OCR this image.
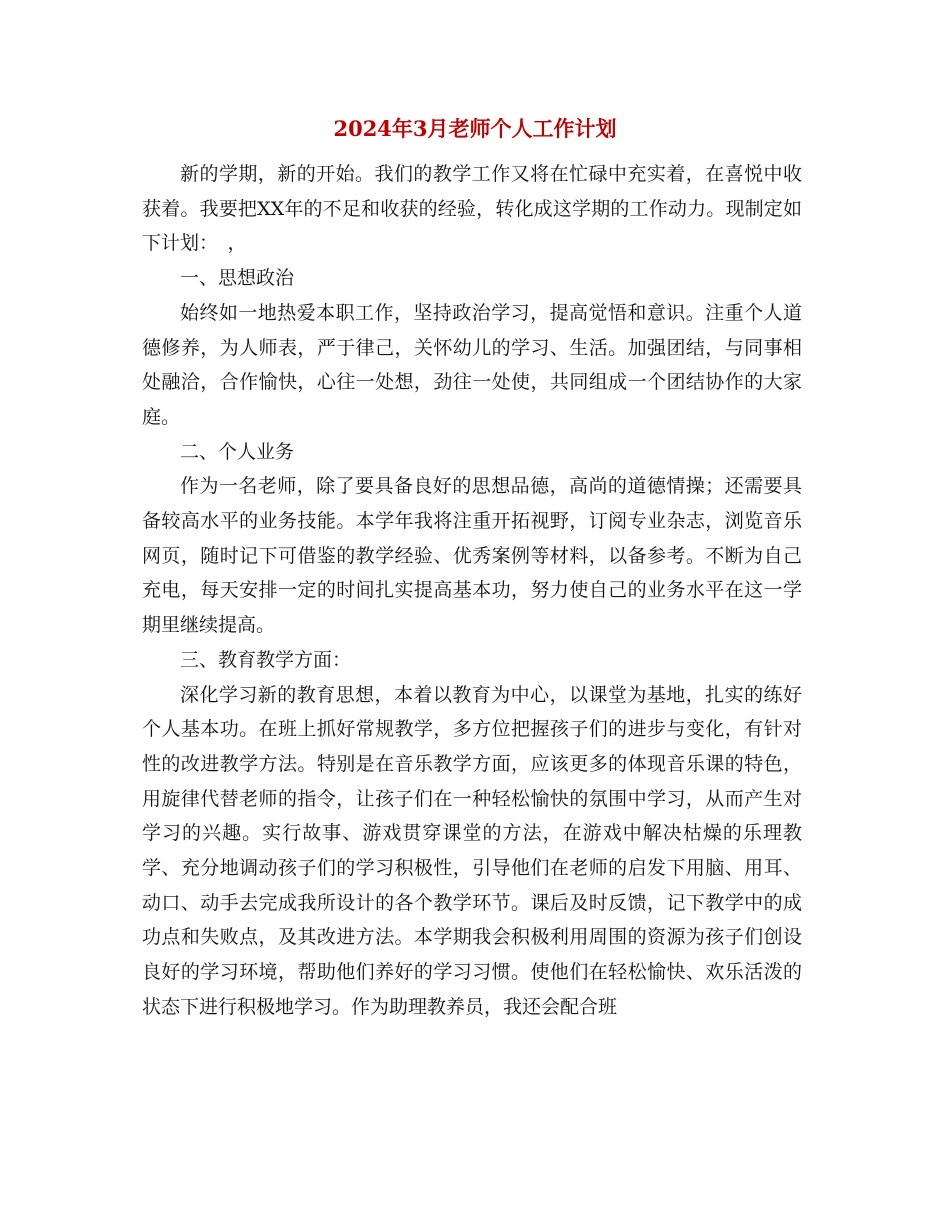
2024年3月老师个人工作计划

新的学期，新的开始。我们的教学工作又将在忙碌中充实着，在喜悦中收获着。我要把XX年的不足和收获的经验，转化成这学期的工作动力。现制定如下计划：　，

一、思想政治

始终如一地热爱本职工作，坚持政治学习，提高觉悟和意识。注重个人道德修养，为人师表，严于律己，关怀幼儿的学习、生活。加强团结，与同事相处融洽，合作愉快，心往一处想，劲往一处使，共同组成一个团结协作的大家庭。

二、个人业务

作为一名老师，除了要具备良好的思想品德，高尚的道德情操；还需要具备较高水平的业务技能。本学年我将注重开拓视野，订阅专业杂志，浏览音乐网页，随时记下可借鉴的教学经验、优秀案例等材料，以备参考。不断为自己充电，每天安排一定的时间扎实提高基本功，努力使自己的业务水平在这一学期里继续提高。

三、教育教学方面：

深化学习新的教育思想，本着以教育为中心，以课堂为基地，扎实的练好个人基本功。在班上抓好常规教学，多方位把握孩子们的进步与变化，有针对性的改进教学方法。特别是在音乐教学方面，应该更多的体现音乐课的特色，用旋律代替老师的指令，让孩子们在一种轻松愉快的氛围中学习，从而产生对学习的兴趣。实行故事、游戏贯穿课堂的方法，在游戏中解决枯燥的乐理教学、充分地调动孩子们的学习积极性，引导他们在老师的启发下用脑、用耳、动口、动手去完成我所设计的各个教学环节。课后及时反馈，记下教学中的成功点和失败点，及其改进方法。本学期我会积极利用周围的资源为孩子们创设良好的学习环境，帮助他们养好的学习习惯。使他们在轻松愉快、欢乐活泼的状态下进行积极地学习。作为助理教养员，我还会配合班
